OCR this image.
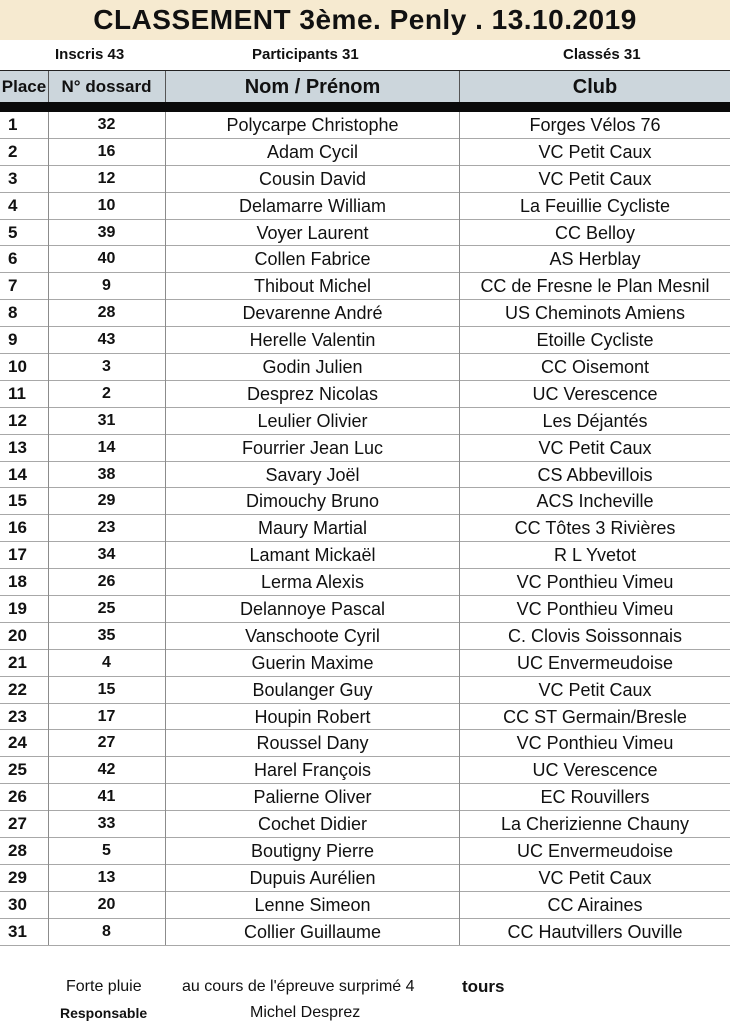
CLASSEMENT 3ème. Penly . 13.10.2019
Inscris 43	Participants 31	Classés 31
Place N° dossard	Nom / Prénom	Club
1	32	Polycarpe Christophe	Forges Vélos 76
2	16	Adam Cycil	VC Petit Caux
3	12	Cousin David	VC Petit Caux
4	10	Delamarre William	La Feuillie Cycliste
5	39	Voyer Laurent	CC Belloy
6	40	Collen Fabrice	AS Herblay
7	9	Thibout Michel	CC de Fresne le Plan Mesnil
8	28	Devarenne André	US Cheminots Amiens
9	43	Herelle Valentin	Etoille Cycliste
10	3	Godin Julien	CC Oisemont
11	2	Desprez Nicolas	UC Verescence
12	31	Leulier Olivier	Les Déjantés
13	14	Fourrier Jean Luc	VC Petit Caux
14	38	Savary Joël	CS Abbevillois
15	29	Dimouchy Bruno	ACS Incheville
16	23	Maury Martial	CC Tôtes 3 Rivières
17	34	Lamant Mickaël	R L Yvetot
18	26	Lerma Alexis	VC Ponthieu Vimeu
19	25	Delannoye Pascal	VC Ponthieu Vimeu
20	35	Vanschoote Cyril	C. Clovis Soissonnais
21	4	Guerin Maxime	UC Envermeudoise
22	15	Boulanger Guy	VC Petit Caux
23	17	Houpin Robert	CC ST Germain/Bresle
24	27	Roussel Dany	VC Ponthieu Vimeu
25	42	Harel François	UC Verescence
26	41	Palierne Oliver	EC Rouvillers
27	33	Cochet Didier	La Cherizienne Chauny
28	5	Boutigny Pierre	UC Envermeudoise
29	13	Dupuis Aurélien	VC Petit Caux
30	20	Lenne Simeon	CC Airaines
31	8	Collier Guillaume	CC Hautvillers Ouville
Forte pluie	au cours de l'épreuve surprimé 4	tours
Responsable	Michel Desprez
